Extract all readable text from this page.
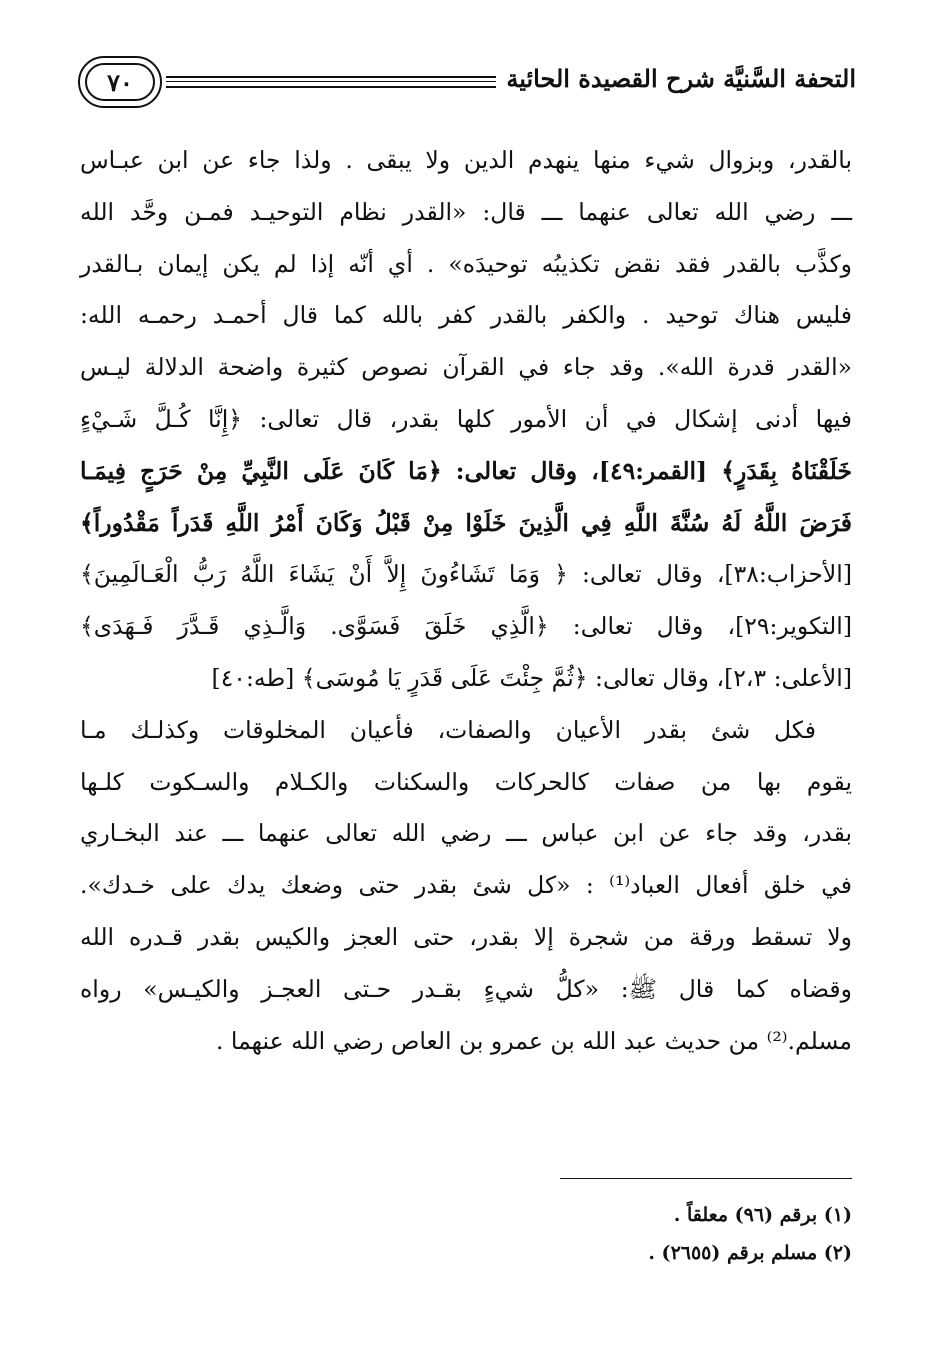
٧٠	التحفة السَّنيَّة شرح القصيدة الحائية
بالقدر، وبزوال شيء منها ينهدم الدين ولا يبقى . ولذا جاء عن ابن عبـاس
ـــ رضي الله تعالى عنهما ـــ قال: «القدر نظام التوحيـد فمـن وحَّد الله
وكذَّب بالقدر فقد نقض تكذيبُه توحيدَه» . أي أنّه إذا لم يكن إيمان بـالقدر
فليس هناك توحيد . والكفر بالقدر كفر بالله كما قال أحمـد رحمـه الله:
«القدر قدرة الله». وقد جاء في القرآن نصوص كثيرة واضحة الدلالة ليـس
فيها أدنى إشكال في أن الأمور كلها بقدر، قال تعالى: ﴿إِنَّا كُـلَّ شَـيْءٍ
خَلَقْنَاهُ بِقَدَرٍ﴾ [القمر:٤٩]، وقال تعالى: ﴿مَا كَانَ عَلَى النَّبِيِّ مِنْ حَرَجٍ فِيمَـا
فَرَضَ اللَّهُ لَهُ سُنَّةَ اللَّهِ فِي الَّذِينَ خَلَوْا مِنْ قَبْلُ وَكَانَ أَمْرُ اللَّهِ قَدَراً مَقْدُوراً﴾
[الأحزاب:٣٨]، وقال تعالى: ﴿ وَمَا تَشَاءُونَ إِلاَّ أَنْ يَشَاءَ اللَّهُ رَبُّ الْعَـالَمِينَ﴾
[التكوير:٢٩]، وقال تعالى: ﴿الَّذِي خَلَقَ فَسَوَّى. وَالَّـذِي قَـدَّرَ فَـهَدَى﴾
[الأعلى: ٢،٣]، وقال تعالى: ﴿ثُمَّ جِئْتَ عَلَى قَدَرٍ يَا مُوسَى﴾ [طه:٤٠]
فكل شئ بقدر الأعيان والصفات، فأعيان المخلوقات وكذلـك مـا
يقوم بها من صفات كالحركات والسكنات والكـلام والسـكوت كلـها
بقدر، وقد جاء عن ابن عباس ـــ رضي الله تعالى عنهما ـــ عند البخـاري
في خلق أفعال العباد⁽¹⁾ : «كل شئ بقدر حتى وضعك يدك على خـدك».
ولا تسقط ورقة من شجرة إلا بقدر، حتى العجز والكيس بقدر قـدره الله
وقضاه كما قال ﷺ: «كلُّ شيءٍ بقـدر حـتى العجـز والكيـس» رواه
مسلم.⁽²⁾ من حديث عبد الله بن عمرو بن العاص رضي الله عنهما .
(١) برقم (٩٦) معلقاً .
(٢) مسلم برقم (٢٦٥٥) .
